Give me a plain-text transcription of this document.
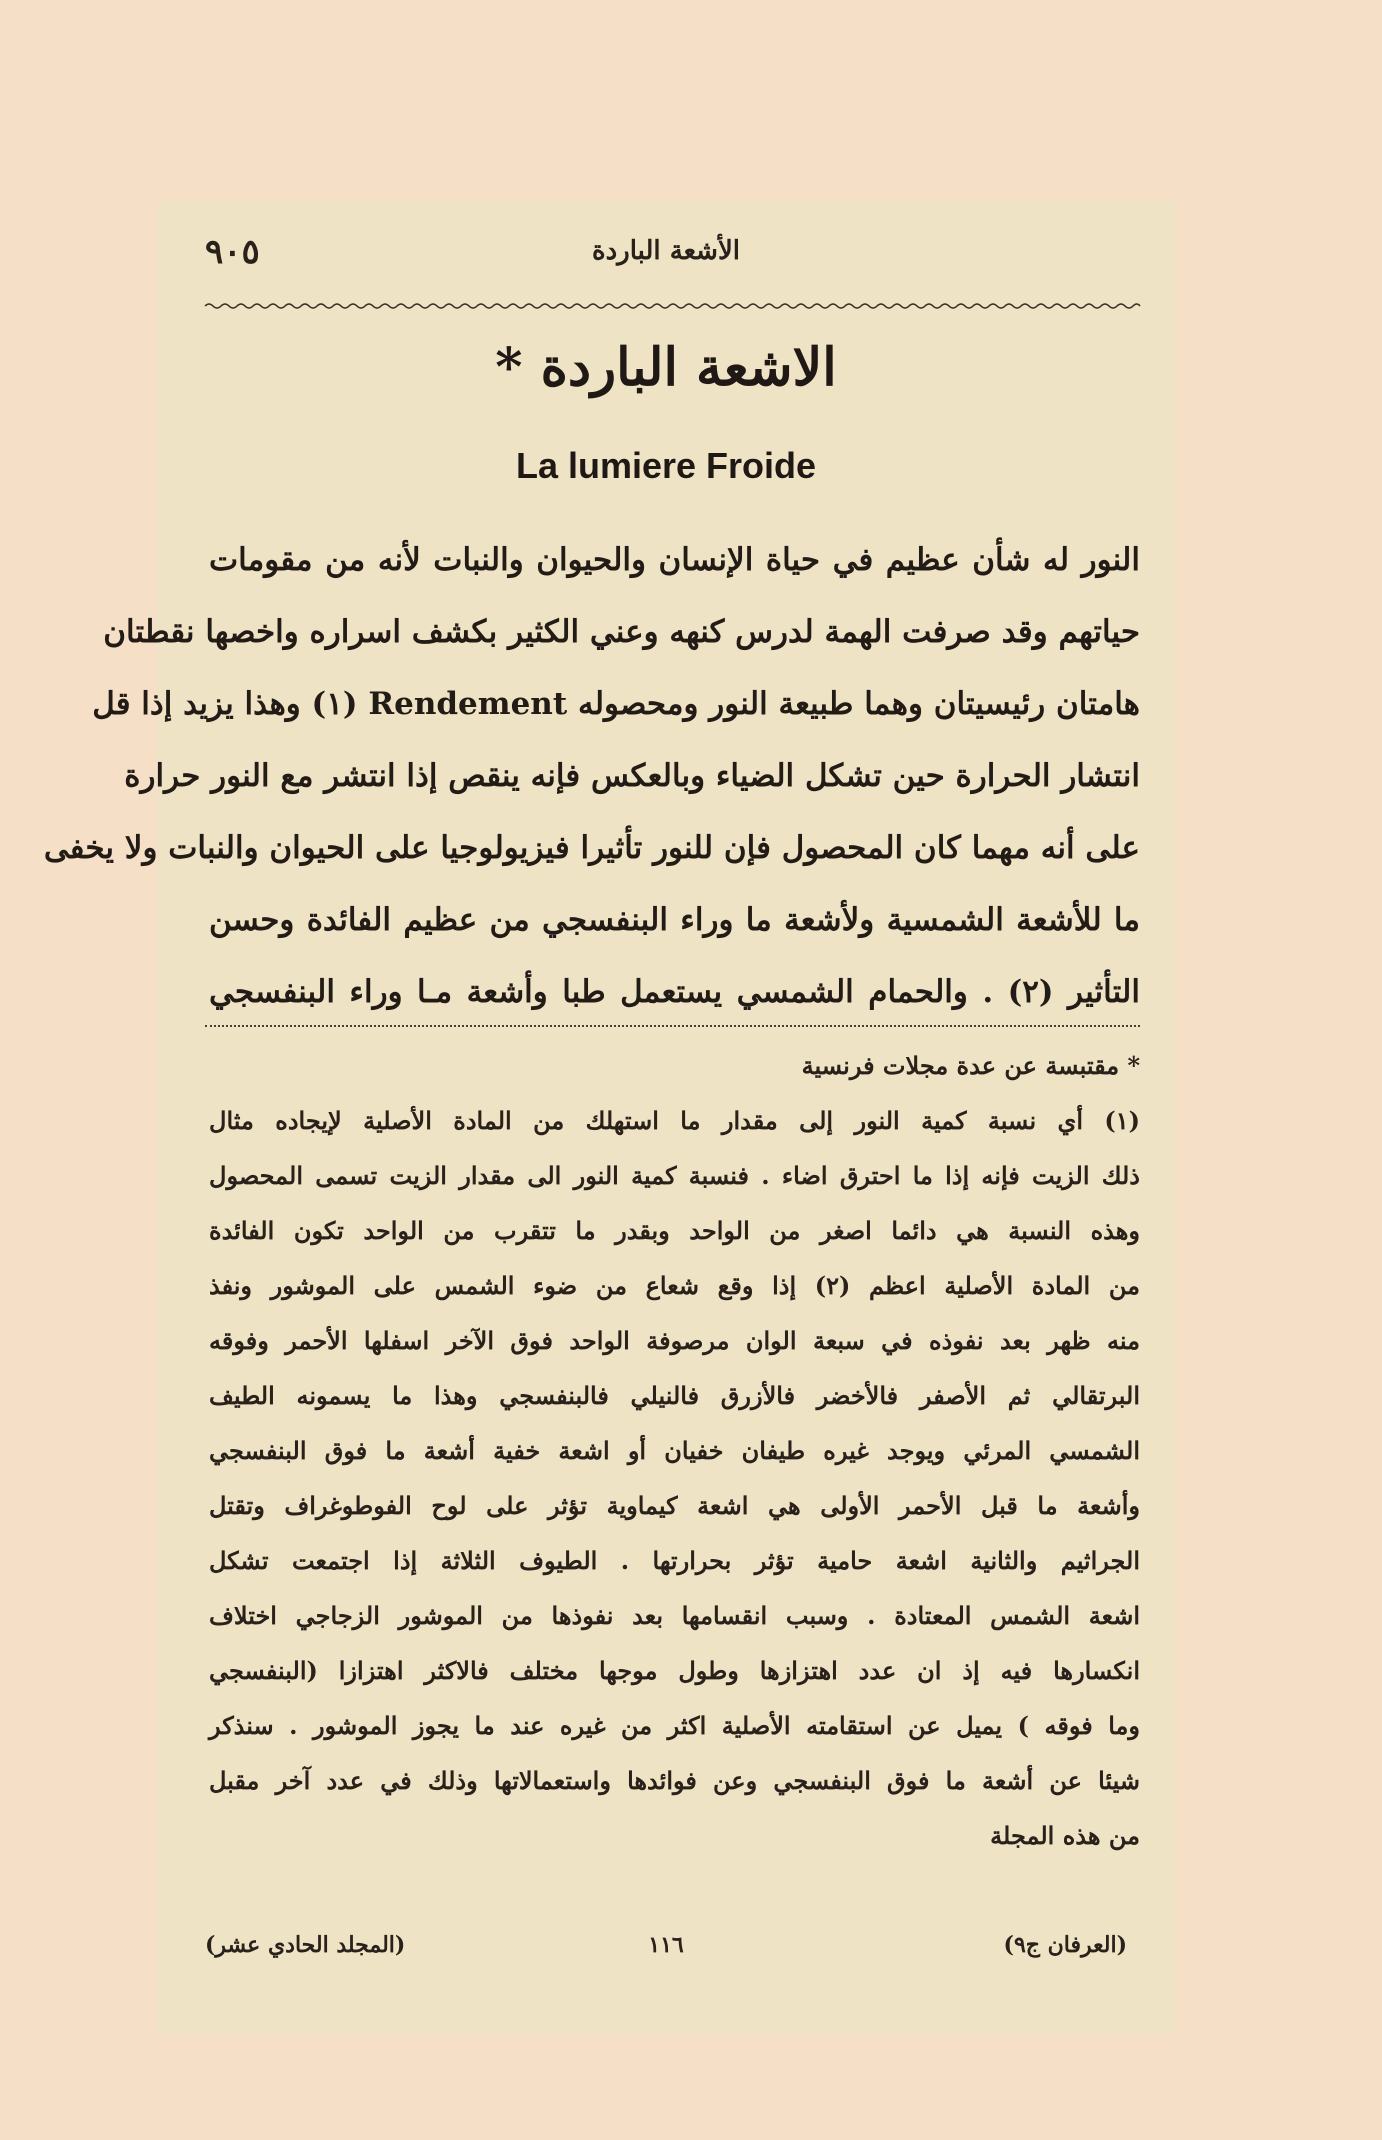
٩٠٥	الأشعة الباردة
الاشعة الباردة *
La lumiere Froide
النور له شأن عظيم في حياة الإنسان والحيوان والنبات لأنه من مقومات
حياتهم وقد صرفت الهمة لدرس كنهه وعني الكثير بكشف اسراره واخصها نقطتان
هامتان رئيسيتان وهما طبيعة النور ومحصوله Rendement (١) وهذا يزيد إذا قل
انتشار الحرارة حين تشكل الضياء وبالعكس فإنه ينقص إذا انتشر مع النور حرارة
على أنه مهما كان المحصول فإن للنور تأثيرا فيزيولوجيا على الحيوان والنبات ولا يخفى
ما للأشعة الشمسية ولأشعة ما وراء البنفسجي من عظيم الفائدة وحسن
التأثير (٢) . والحمام الشمسي يستعمل طبا وأشعة مـا وراء البنفسجي
* مقتبسة عن عدة مجلات فرنسية
(١) أي نسبة كمية النور إلى مقدار ما استهلك من المادة الأصلية لإيجاده مثال
ذلك الزيت فإنه إذا ما احترق اضاء . فنسبة كمية النور الى مقدار الزيت تسمى المحصول
وهذه النسبة هي دائما اصغر من الواحد وبقدر ما تتقرب من الواحد تكون الفائدة
من المادة الأصلية اعظم (٢) إذا وقع شعاع من ضوء الشمس على الموشور ونفذ
منه ظهر بعد نفوذه في سبعة الوان مرصوفة الواحد فوق الآخر اسفلها الأحمر وفوقه
البرتقالي ثم الأصفر فالأخضر فالأزرق فالنيلي فالبنفسجي وهذا ما يسمونه الطيف
الشمسي المرئي ويوجد غيره طيفان خفيان أو اشعة خفية أشعة ما فوق البنفسجي
وأشعة ما قبل الأحمر الأولى هي اشعة كيماوية تؤثر على لوح الفوطوغراف وتقتل
الجراثيم والثانية اشعة حامية تؤثر بحرارتها . الطيوف الثلاثة إذا اجتمعت تشكل
اشعة الشمس المعتادة . وسبب انقسامها بعد نفوذها من الموشور الزجاجي اختلاف
انكسارها فيه إذ ان عدد اهتزازها وطول موجها مختلف فالاكثر اهتزازا (البنفسجي
وما فوقه ) يميل عن استقامته الأصلية اكثر من غيره عند ما يجوز الموشور . سنذكر
شيئا عن أشعة ما فوق البنفسجي وعن فوائدها واستعمالاتها وذلك في عدد آخر مقبل
من هذه المجلة
(العرفان ج٩)
١١٦
(المجلد الحادي عشر)
